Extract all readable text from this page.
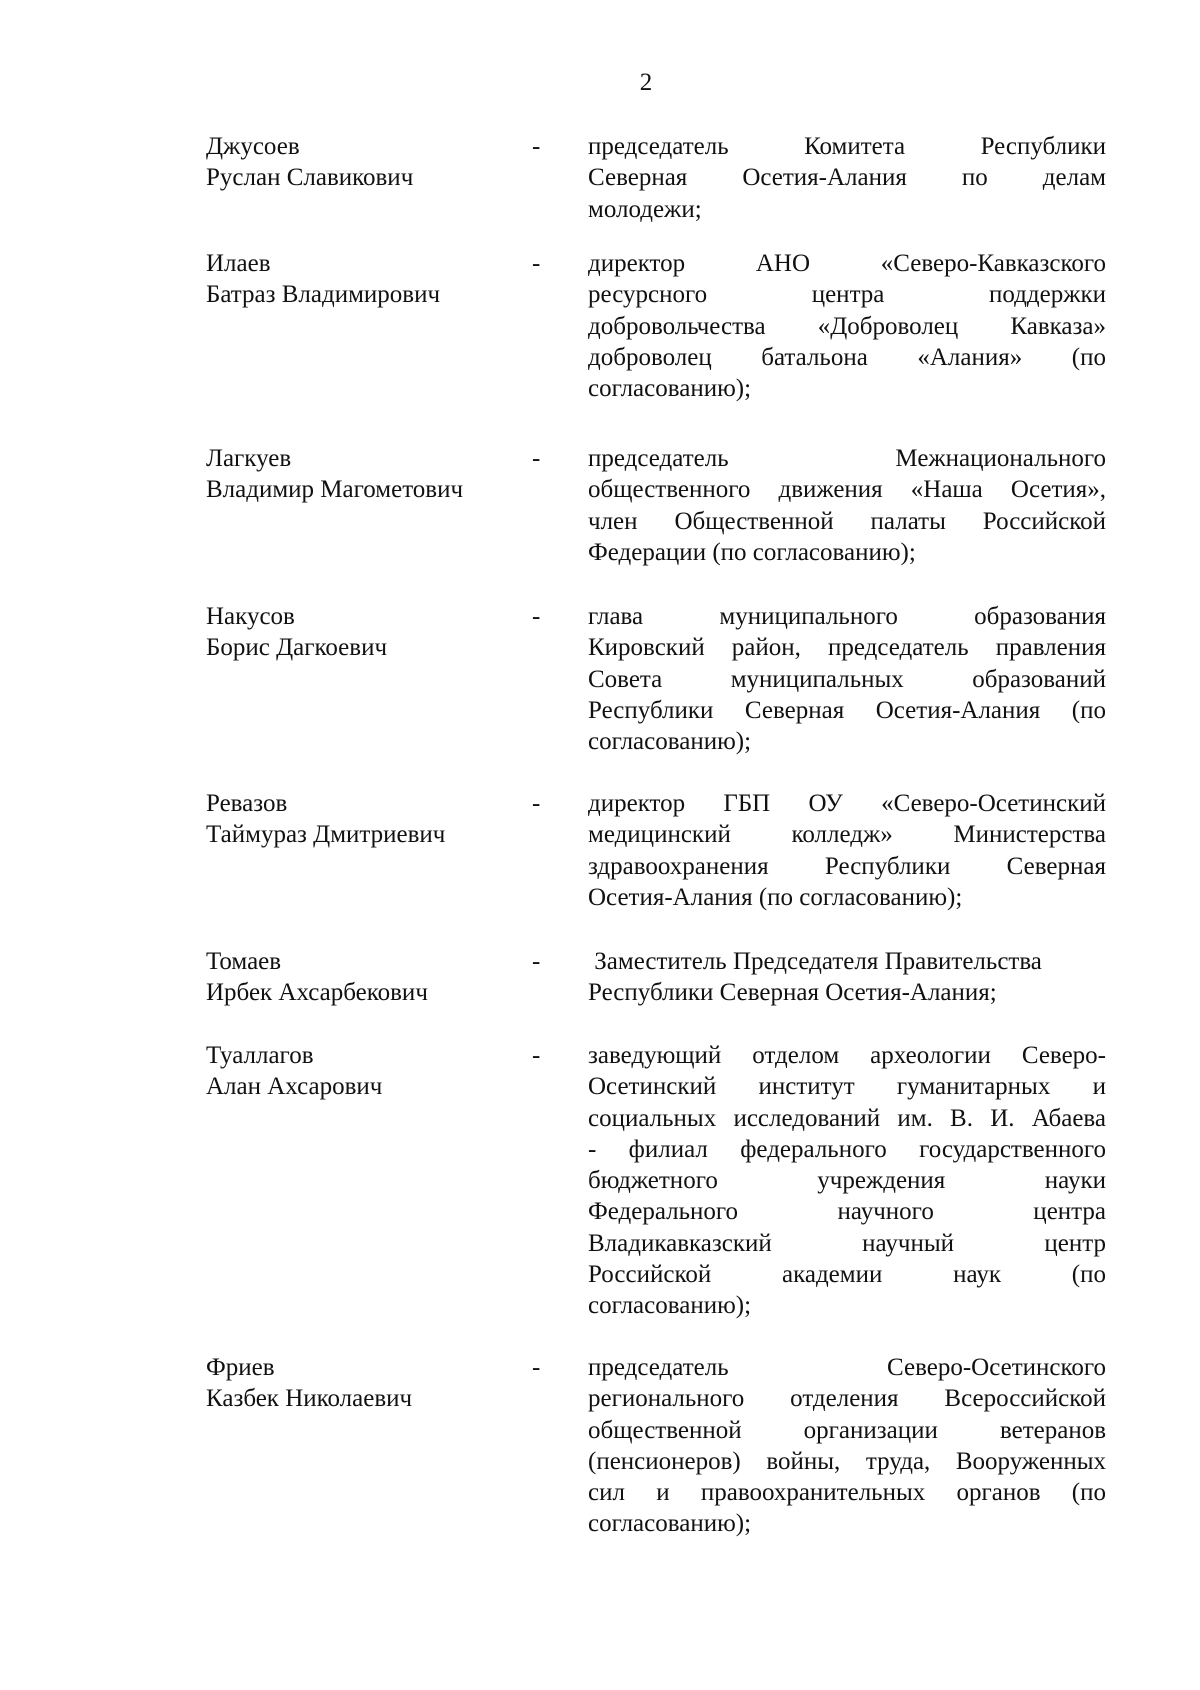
2
Джусоев
Руслан Славикович
- председатель Комитета Республики
Северная Осетия-Алания по делам
молодежи;
Илаев
Батраз Владимирович
- директор АНО «Северо-Кавказского
ресурсного центра поддержки
добровольчества «Доброволец Кавказа»
доброволец батальона «Алания» (по
согласованию);
Лагкуев
Владимир Магометович
- председатель Межнационального
общественного движения «Наша Осетия»,
член Общественной палаты Российской
Федерации (по согласованию);
Накусов
Борис Дагкоевич
- глава муниципального образования
Кировский район, председатель правления
Совета муниципальных образований
Республики Северная Осетия-Алания (по
согласованию);
Ревазов
Таймураз Дмитриевич
- директор ГБП ОУ «Северо-Осетинский
медицинский колледж» Министерства
здравоохранения Республики Северная
Осетия-Алания (по согласованию);
Томаев
Ирбек Ахсарбекович
- Заместитель Председателя Правительства
Республики Северная Осетия-Алания;
Туаллагов
Алан Ахсарович
- заведующий отделом археологии Северо-
Осетинский институт гуманитарных и
социальных исследований им. В. И. Абаева
- филиал федерального государственного
бюджетного учреждения науки
Федерального научного центра
Владикавказский научный центр
Российской академии наук (по
согласованию);
Фриев
Казбек Николаевич
- председатель Северо-Осетинского
регионального отделения Всероссийской
общественной организации ветеранов
(пенсионеров) войны, труда, Вооруженных
сил и правоохранительных органов (по
согласованию);
